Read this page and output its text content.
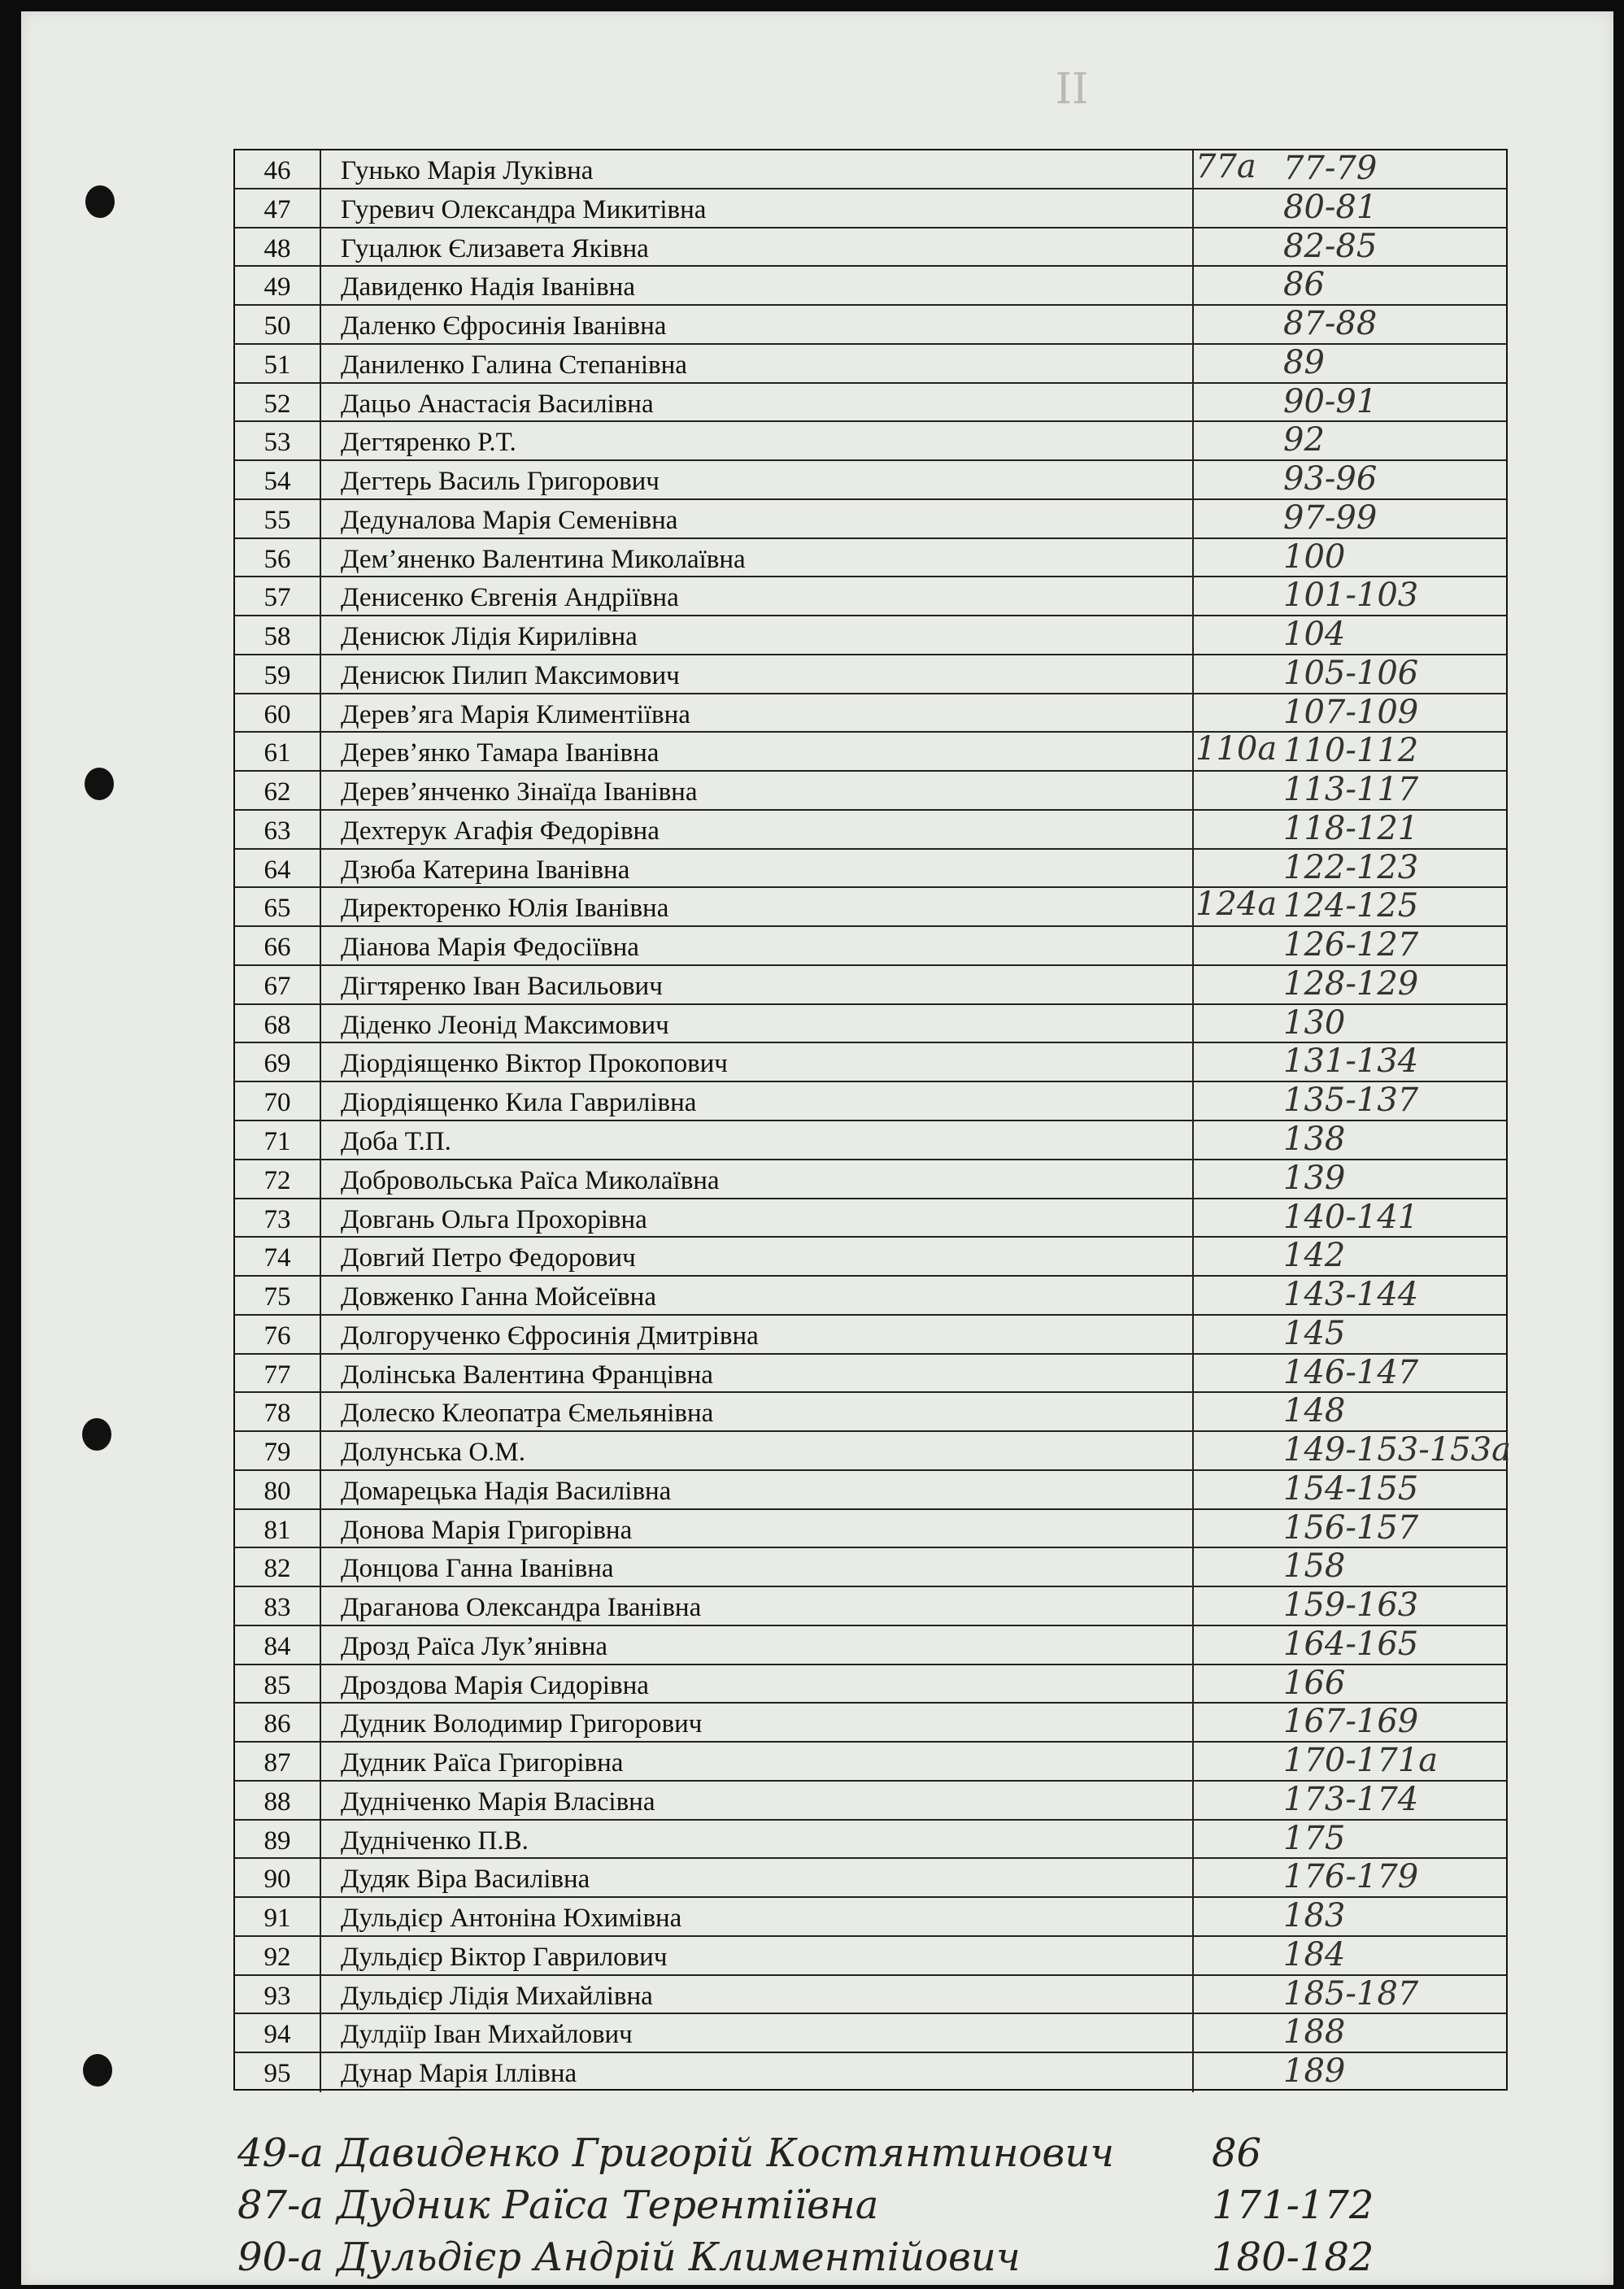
II
46	Гунько Марія Луківна	77а 77-79
47	Гуревич Олександра Микитівна	80-81
48	Гуцалюк Єлизавета Яківна	82-85
49	Давиденко Надія Іванівна	86
50	Даленко Єфросинія Іванівна	87-88
51	Даниленко Галина Степанівна	89
52	Дацьо Анастасія Василівна	90-91
53	Дегтяренко Р.Т.	92
54	Дегтерь Василь Григорович	93-96
55	Дедуналова Марія Семенівна	97-99
56	Дем’яненко Валентина Миколаївна	100
57	Денисенко Євгенія Андріївна	101-103
58	Денисюк Лідія Кирилівна	104
59	Денисюк Пилип Максимович	105-106
60	Дерев’яга Марія Климентіївна	107-109
61	Дерев’янко Тамара Іванівна	110а 110-112
62	Дерев’янченко Зінаїда Іванівна	113-117
63	Дехтерук Агафія Федорівна	118-121
64	Дзюба Катерина Іванівна	122-123
65	Директоренко Юлія Іванівна	124а 124-125
66	Діанова Марія Федосіївна	126-127
67	Дігтяренко Іван Васильович	128-129
68	Діденко Леонід Максимович	130
69	Діордіященко Віктор Прокопович	131-134
70	Діордіященко Кила Гаврилівна	135-137
71	Доба Т.П.	138
72	Добровольська Раїса Миколаївна	139
73	Довгань Ольга Прохорівна	140-141
74	Довгий Петро Федорович	142
75	Довженко Ганна Мойсеївна	143-144
76	Долгорученко Єфросинія Дмитрівна	145
77	Долінська Валентина Францівна	146-147
78	Долеско Клеопатра Ємельянівна	148
79	Долунська О.М.	149-153-153а
80	Домарецька Надія Василівна	154-155
81	Донова Марія Григорівна	156-157
82	Донцова Ганна Іванівна	158
83	Драганова Олександра Іванівна	159-163
84	Дрозд Раїса Лук’янівна	164-165
85	Дроздова Марія Сидорівна	166
86	Дудник Володимир Григорович	167-169
87	Дудник Раїса Григорівна	170-171а
88	Дудніченко Марія Власівна	173-174
89	Дудніченко П.В.	175
90	Дудяк Віра Василівна	176-179
91	Дульдієр Антоніна Юхимівна	183
92	Дульдієр Віктор Гаврилович	184
93	Дульдієр Лідія Михайлівна	185-187
94	Дулдіїр Іван Михайлович	188
95	Дунар Марія Іллівна	189
49-а Давиденко Григорій Костянтинович 86
87-а Дудник Раїса Терентіївна	171-172
90-а Дульдієр Андрій Климентійович	180-182
